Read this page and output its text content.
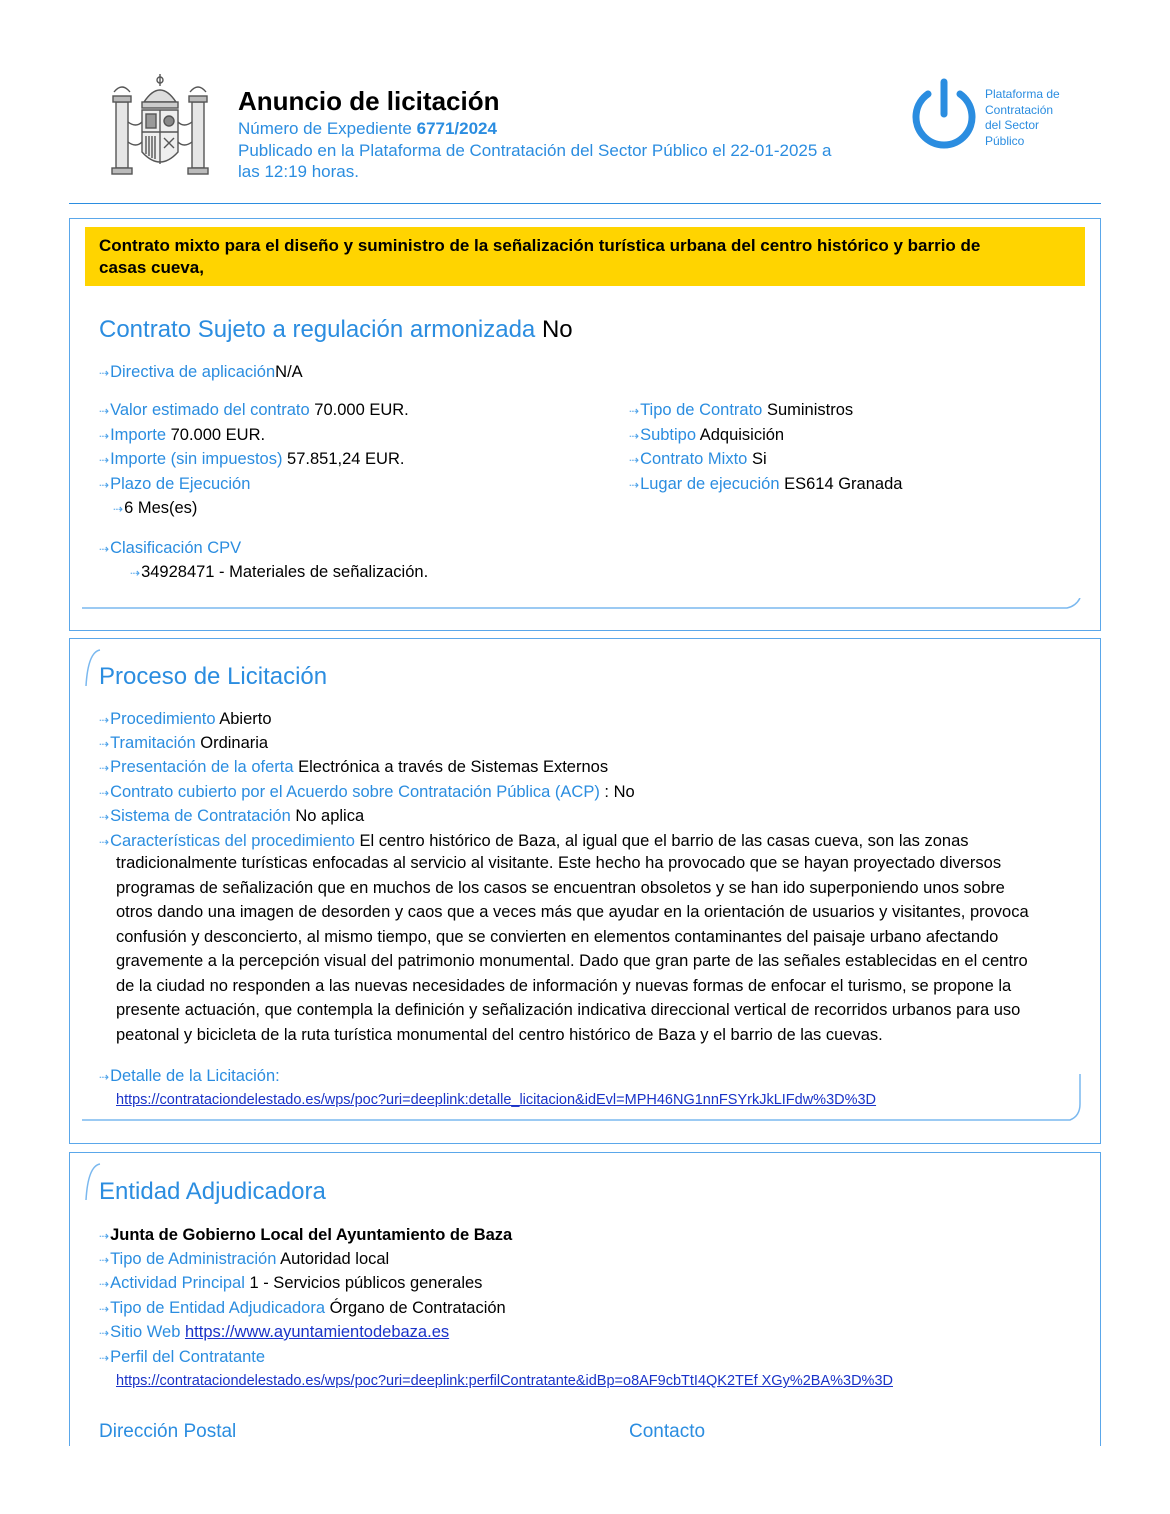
Anuncio de licitación
Número de Expediente 6771/2024
Publicado en la Plataforma de Contratación del Sector Público el 22-01-2025 a
las 12:19 horas.
Plataforma de
Contratación
del Sector
Público
Contrato mixto para el diseño y suministro de la señalización turística urbana del centro histórico y barrio de
casas cueva,
Contrato Sujeto a regulación armonizada No
⇢ Directiva de aplicaciónN/A
⇢ Valor estimado del contrato 70.000 EUR.
⇢ Importe 70.000 EUR.
⇢ Importe (sin impuestos) 57.851,24 EUR.
⇢ Plazo de Ejecución
⇢ 6 Mes(es)
⇢ Tipo de Contrato Suministros
⇢ Subtipo Adquisición
⇢ Contrato Mixto Si
⇢ Lugar de ejecución ES614 Granada
⇢ Clasificación CPV
⇢ 34928471 - Materiales de señalización.
Proceso de Licitación
⇢ Procedimiento Abierto
⇢ Tramitación Ordinaria
⇢ Presentación de la oferta Electrónica a través de Sistemas Externos
⇢ Contrato cubierto por el Acuerdo sobre Contratación Pública (ACP) : No
⇢ Sistema de Contratación No aplica
⇢ Características del procedimiento El centro histórico de Baza, al igual que el barrio de las casas cueva, son las zonas
tradicionalmente turísticas enfocadas al servicio al visitante. Este hecho ha provocado que se hayan proyectado diversos
programas de señalización que en muchos de los casos se encuentran obsoletos y se han ido superponiendo unos sobre
otros dando una imagen de desorden y caos que a veces más que ayudar en la orientación de usuarios y visitantes, provoca
confusión y desconcierto, al mismo tiempo, que se convierten en elementos contaminantes del paisaje urbano afectando
gravemente a la percepción visual del patrimonio monumental. Dado que gran parte de las señales establecidas en el centro
de la ciudad no responden a las nuevas necesidades de información y nuevas formas de enfocar el turismo, se propone la
presente actuación, que contempla la definición y señalización indicativa direccional vertical de recorridos urbanos para uso
peatonal y bicicleta de la ruta turística monumental del centro histórico de Baza y el barrio de las cuevas.
⇢ Detalle de la Licitación:
https://contrataciondelestado.es/wps/poc?uri=deeplink:detalle_licitacion&idEvl=MPH46NG1nnFSYrkJkLIFdw%3D%3D
Entidad Adjudicadora
⇢ Junta de Gobierno Local del Ayuntamiento de Baza
⇢ Tipo de Administración Autoridad local
⇢ Actividad Principal 1 - Servicios públicos generales
⇢ Tipo de Entidad Adjudicadora Órgano de Contratación
⇢ Sitio Web https://www.ayuntamientodebaza.es
⇢ Perfil del Contratante
https://contrataciondelestado.es/wps/poc?uri=deeplink:perfilContratante&idBp=o8AF9cbTtI4QK2TEf XGy%2BA%3D%3D
Dirección Postal	Contacto
